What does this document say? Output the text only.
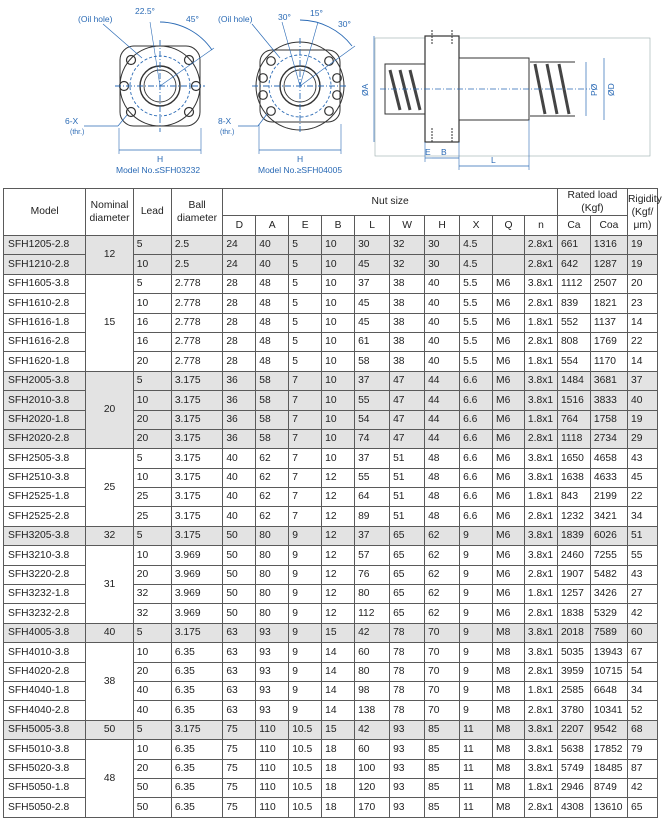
(Oil hole)
22.5°
45°
6-X
(thr.)
H
Model No.≤SFH03232
(Oil hole)	30° 15°
30°
8-X
(thr.)
H
Model No.≥SFH04005
ØA	ØD
PØ
E B
L
Model	Nominal diameter	Lead	Ball diameter	Nut size										Rated load (Kgf)		Rigidity (Kgf/ μm)
				D	A	E	B	L	W	H	X	Q	n	Ca	Coa	
SFH1205-2.8	12	5	2.5	24	40	5	10	30	32	30	4.5		2.8x1	661	1316	19
SFH1210-2.8		10	2.5	24	40	5	10	45	32	30	4.5		2.8x1	642	1287	19
SFH1605-3.8	15	5	2.778	28	48	5	10	37	38	40	5.5	M6	3.8x1	1112	2507	20
SFH1610-2.8		10	2.778	28	48	5	10	45	38	40	5.5	M6	2.8x1	839	1821	23
SFH1616-1.8		16	2.778	28	48	5	10	45	38	40	5.5	M6	1.8x1	552	1137	14
SFH1616-2.8		16	2.778	28	48	5	10	61	38	40	5.5	M6	2.8x1	808	1769	22
SFH1620-1.8		20	2.778	28	48	5	10	58	38	40	5.5	M6	1.8x1	554	1170	14
SFH2005-3.8	20	5	3.175	36	58	7	10	37	47	44	6.6	M6	3.8x1	1484	3681	37
SFH2010-3.8		10	3.175	36	58	7	10	55	47	44	6.6	M6	3.8x1	1516	3833	40
SFH2020-1.8		20	3.175	36	58	7	10	54	47	44	6.6	M6	1.8x1	764	1758	19
SFH2020-2.8		20	3.175	36	58	7	10	74	47	44	6.6	M6	2.8x1	1118	2734	29
SFH2505-3.8	25	5	3.175	40	62	7	10	37	51	48	6.6	M6	3.8x1	1650	4658	43
SFH2510-3.8		10	3.175	40	62	7	12	55	51	48	6.6	M6	3.8x1	1638	4633	45
SFH2525-1.8		25	3.175	40	62	7	12	64	51	48	6.6	M6	1.8x1	843	2199	22
SFH2525-2.8		25	3.175	40	62	7	12	89	51	48	6.6	M6	2.8x1	1232	3421	34
SFH3205-3.8	32	5	3.175	50	80	9	12	37	65	62	9	M6	3.8x1	1839	6026	51
SFH3210-3.8	31	10	3.969	50	80	9	12	57	65	62	9	M6	3.8x1	2460	7255	55
SFH3220-2.8		20	3.969	50	80	9	12	76	65	62	9	M6	2.8x1	1907	5482	43
SFH3232-1.8		32	3.969	50	80	9	12	80	65	62	9	M6	1.8x1	1257	3426	27
SFH3232-2.8		32	3.969	50	80	9	12	112	65	62	9	M6	2.8x1	1838	5329	42
SFH4005-3.8	40	5	3.175	63	93	9	15	42	78	70	9	M8	3.8x1	2018	7589	60
SFH4010-3.8	38	10	6.35	63	93	9	14	60	78	70	9	M8	3.8x1	5035	13943	67
SFH4020-2.8		20	6.35	63	93	9	14	80	78	70	9	M8	2.8x1	3959	10715	54
SFH4040-1.8		40	6.35	63	93	9	14	98	78	70	9	M8	1.8x1	2585	6648	34
SFH4040-2.8		40	6.35	63	93	9	14	138	78	70	9	M8	2.8x1	3780	10341	52
SFH5005-3.8	50	5	3.175	75	110	10.5	15	42	93	85	11	M8	3.8x1	2207	9542	68
SFH5010-3.8	48	10	6.35	75	110	10.5	18	60	93	85	11	M8	3.8x1	5638	17852	79
SFH5020-3.8		20	6.35	75	110	10.5	18	100	93	85	11	M8	3.8x1	5749	18485	87
SFH5050-1.8		50	6.35	75	110	10.5	18	120	93	85	11	M8	1.8x1	2946	8749	42
SFH5050-2.8		50	6.35	75	110	10.5	18	170	93	85	11	M8	2.8x1	4308	13610	65
